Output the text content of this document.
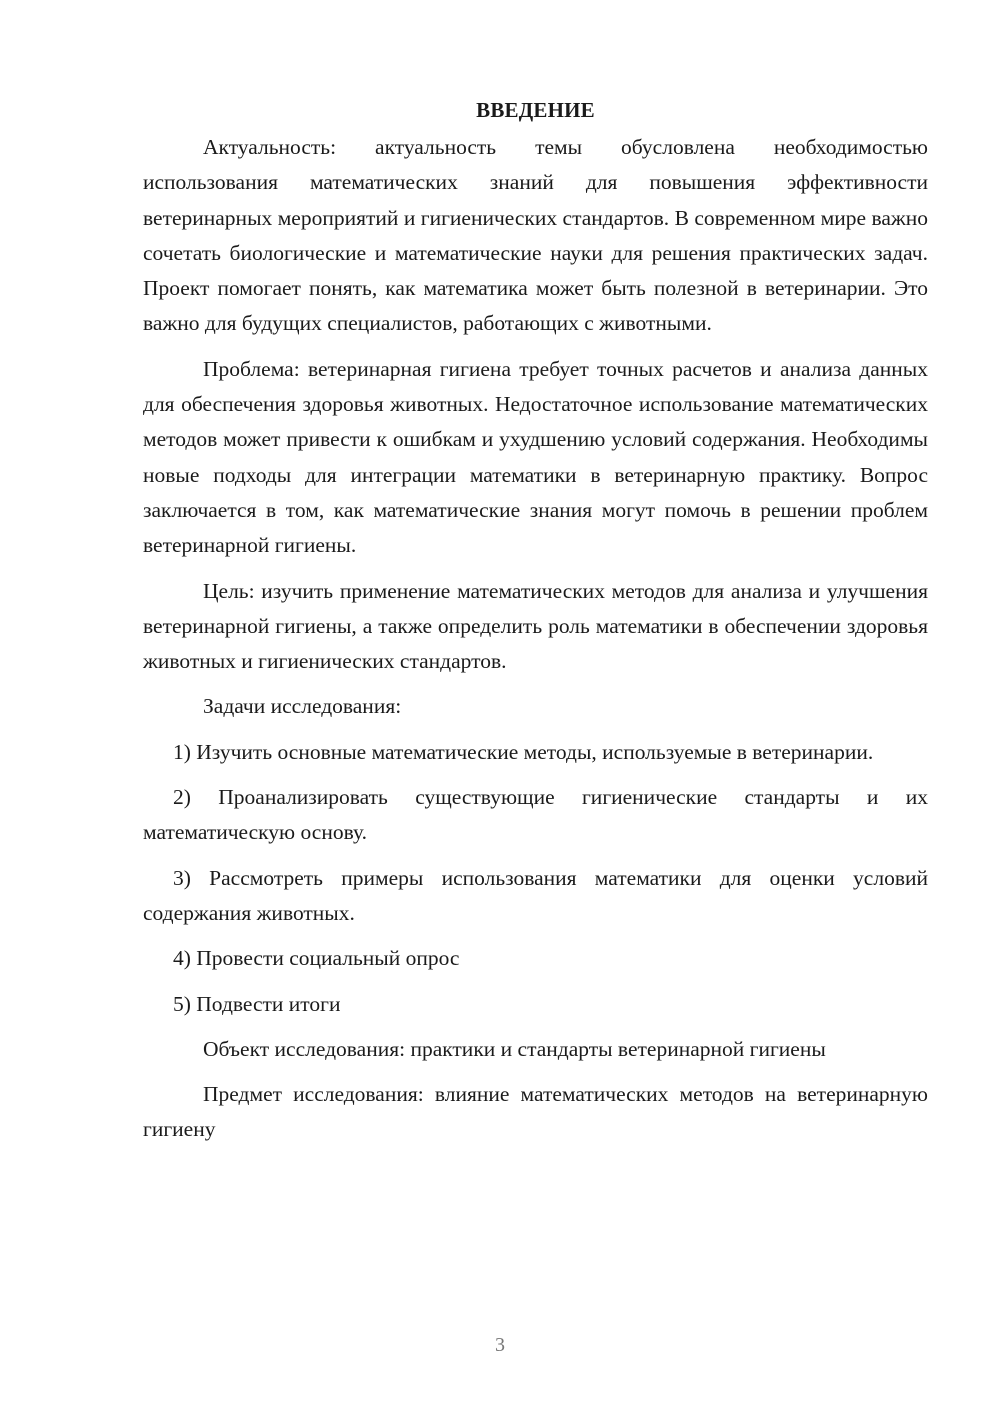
ВВЕДЕНИЕ

Актуальность: актуальность темы обусловлена необходимостью использования математических знаний для повышения эффективности ветеринарных мероприятий и гигиенических стандартов. В современном мире важно сочетать биологические и математические науки для решения практических задач. Проект помогает понять, как математика может быть полезной в ветеринарии. Это важно для будущих специалистов, работающих с животными.

Проблема: ветеринарная гигиена требует точных расчетов и анализа данных для обеспечения здоровья животных. Недостаточное использование математических методов может привести к ошибкам и ухудшению условий содержания. Необходимы новые подходы для интеграции математики в ветеринарную практику. Вопрос заключается в том, как математические знания могут помочь в решении проблем ветеринарной гигиены.

Цель: изучить применение математических методов для анализа и улучшения ветеринарной гигиены, а также определить роль математики в обеспечении здоровья животных и гигиенических стандартов.

Задачи исследования:

1) Изучить основные математические методы, используемые в ветеринарии.

2) Проанализировать существующие гигиенические стандарты и их математическую основу.

3) Рассмотреть примеры использования математики для оценки условий содержания животных.

4) Провести социальный опрос

5) Подвести итоги

Объект исследования: практики и стандарты ветеринарной гигиены

Предмет исследования: влияние математических методов на ветеринарную гигиену

3
